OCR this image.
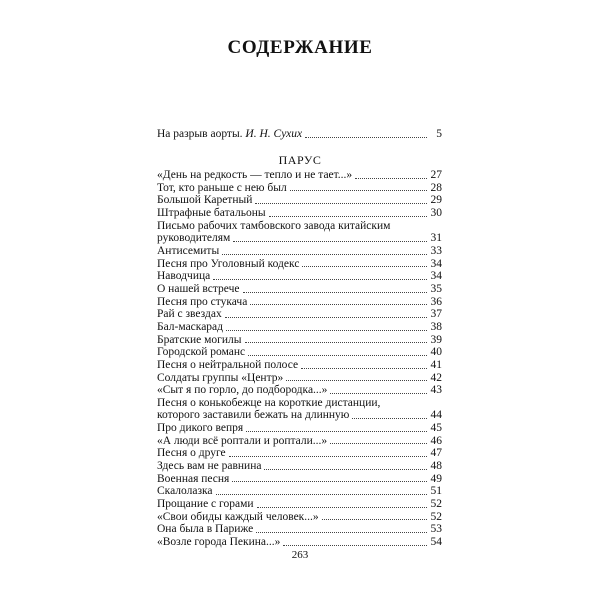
СОДЕРЖАНИЕ
На разрыв аорты. И. Н. Сухих	5
ПАРУС
«День на редкость — тепло и не тает...»	27
Тот, кто раньше с нею был	28
Большой Каретный	29
Штрафные батальоны	30
Письмо рабочих тамбовского завода китайским
руководителям	31
Антисемиты	33
Песня про Уголовный кодекс	34
Наводчица	34
О нашей встрече	35
Песня про стукача	36
Рай с звездах	37
Бал-маскарад	38
Братские могилы	39
Городской романс	40
Песня о нейтральной полосе	41
Солдаты группы «Центр»	42
«Сыт я по горло, до подбородка...»	43
Песня о конькобежце на короткие дистанции,
которого заставили бежать на длинную	44
Про дикого вепря	45
«А люди всё роптали и роптали...»	46
Песня о друге	47
Здесь вам не равнина	48
Военная песня	49
Скалолазка	51
Прощание с горами	52
«Свои обиды каждый человек...»	52
Она была в Париже	53
«Возле города Пекина...»	54
263
